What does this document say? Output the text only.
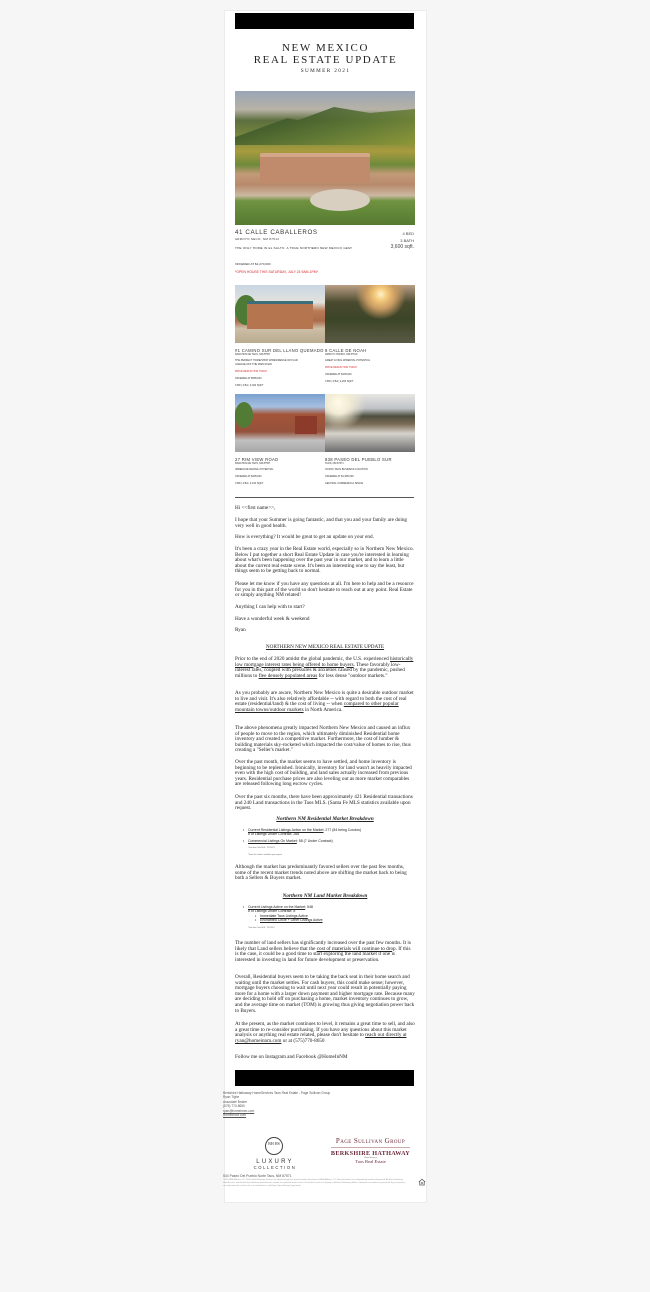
NEW MEXICO
REAL ESTATE UPDATE
SUMMER 2021
41 CALLE CABALLEROS
ARROYO SECO, NM 87514
THE ONLY HOME IN EL SALTO. A TRUE NORTHERN NEW MEXICO GEM!
OFFERED AT $1,270,000
*OPEN HOUSE THIS SATURDAY, JULY 24 9AM-1PM*
4 BED
3 BATH
3,600 sqft.
#1 CAMINO SUR DEL LLANO QUEMADO
RANCHOS DE TAOS, NM 87557
THE PERFECT HOME/SHOP W/RESIDENCE W/3 CAR
GARAGE OFF THE MAIN ROAD
PRICE REDUCTION TODAY
OFFERED AT $585,000
3 BD | 2 BA | 2,400 SQFT
8 CALLE DE NOAH
ARROYO HONDO, NM 87513
GREAT LIVING W/RENTAL POTENTIAL
PRICE REDUCTION TODAY
OFFERED AT $435,000
3 BD | 2 BA | 2,200 SQFT
27 RIM VIEW ROAD
RANCHOS DE TAOS, NM 87557
IMMEDIATE RENTAL POTENTIAL
OFFERED AT $495,000
3 BD | 2 BA | 2,100 SQFT
838 PASEO DEL PUEBLO SUR
TAOS, NM 87571
ICONIC TAOS BUSINESS LOCATION
OFFERED AT $1,995,000
CENTRAL COMMERCIAL SPACE
Hi <<first name>>,
I hope that your Summer is going fantastic, and that you and your family are doing very well in good health.
How is everything? It would be great to get an update on your end.
It's been a crazy year in the Real Estate world, especially so in Northern New Mexico. Below I put together a short Real Estate Update in case you're interested in learning about what's been happening over the past year in our market, and to learn a little about the current real estate scene. It's been an interesting one to say the least, but things seem to be getting back to normal.
Please let me know if you have any questions at all. I'm here to help and be a resource for you in this part of the world so don't hesitate to reach out at any point. Real Estate or simply anything NM related!
Anything I can help with to start?
Have a wonderful week & weekend
Ryan
NORTHERN NEW MEXICO REAL ESTATE UPDATE
Prior to the end of 2020 amidst the global pandemic, the U.S. experienced historically low mortgage interest rates being offered to home buyers. These favorably low-interest rates, coupled with pressures & anxieties caused by the pandemic, pushed millions to flee densely populated areas for less dense "outdoor markets."
As you probably are aware, Northern New Mexico is quite a desirable outdoor market to live and visit. It's also relatively affordable -- with regard to both the cost of real estate (residential/land) & the cost of living -- when compared to other popular mountain towns/outdoor markets in North America.
The above phenomena greatly impacted Northern New Mexico and caused an influx of people to move to the region, which ultimately diminished Residential home inventory and created a competitive market. Furthermore, the cost of lumber & building materials sky-rocketed which impacted the cost/value of homes to rise, thus creating a "Seller's market."
Over the past month, the market seems to have settled, and home inventory is beginning to be replenished. Ironically, inventory for land wasn't as heavily impacted even with the high cost of building, and land sales actually increased from previous years. Residential purchase prices are also leveling out as more market comparables are released following long escrow cycles.
Over the past six months, there have been approximately 421 Residential transactions and 240 Land transactions in the Taos MLS. (Santa Fe MLS statistics available upon request.
Northern NM Residential Market Breakdown
• Current Residential Listings Active on the Market: 277 (84 being Condos)
# of Listings Under Contract: 266
• Commercial Listings On Market: 58 (7 Under Contract)
*Data from Taos MLS - 7/21/2021
*Santa Fe statistics available upon request
Although the market has predominantly favored sellers over the past few months, some of the recent market trends noted above are shifting the market back to being both a Sellers & Buyers market.
Northern NM Land Market Breakdown
• Current Listings Active on the Market: 548
# of Listings Under Contract: 8
• Immediate Taos Listings Active
• Enchanted Circle + Other Listings Active
*Data from Taos MLS - 7/21/2021
The number of land sellers has significantly increased over the past few months. It is likely that Land sellers believe that the cost of materials will continue to drop. If this is the case, it could be a good time to start exploring the land market if one is interested in investing in land for future development or preservation.
Overall, Residential buyers seem to be taking the back seat in their home search and waiting until the market settles. For cash buyers, this could make sense; however, mortgage buyers choosing to wait until next year could result in potentially paying more for a home with a larger down payment and higher mortgage rate. Because many are deciding to hold off on purchasing a home, market inventory continues to grow, and the average time on market (TOM) is growing thus giving negotiation power back to Buyers.
At the present, as the market continues to level, it remains a great time to sell, and also a great time to re-consider purchasing. If you have any questions about this market analysis or anything real estate related, please don't hesitate to reach out directly at ryan@homeinnm.com or at (575)770-8650
Follow me on Instagram and Facebook @HomeInNM
Berkshire Hathaway HomeServices Taos Real Estate - Page Sullivan Group
Ryan Tighe
Associate Broker
(575) 770-8650
ryan@homeinnm.com
HomeInNM.com
BH HS
LUXURY
COLLECTION
Page Sullivan Group
BERKSHIRE HATHAWAY
HomeServices
Taos Real Estate
534 Paseo Del Pueblo Norte Taos, NM 87571
©2021 BHH Affiliates, LLC. Real Estate Brokerage Services are offered through the network member franchisees of BHH Affiliates, LLC. Most franchisees are independently owned and operated. Berkshire Hathaway HomeServices and the Berkshire Hathaway HomeServices symbol are registered service marks of Columbia Insurance Company, a Berkshire Hathaway affiliate. Information not verified or guaranteed. If your property is currently listed with a broker, this is not intended as a solicitation. Equal Housing Opportunity.
